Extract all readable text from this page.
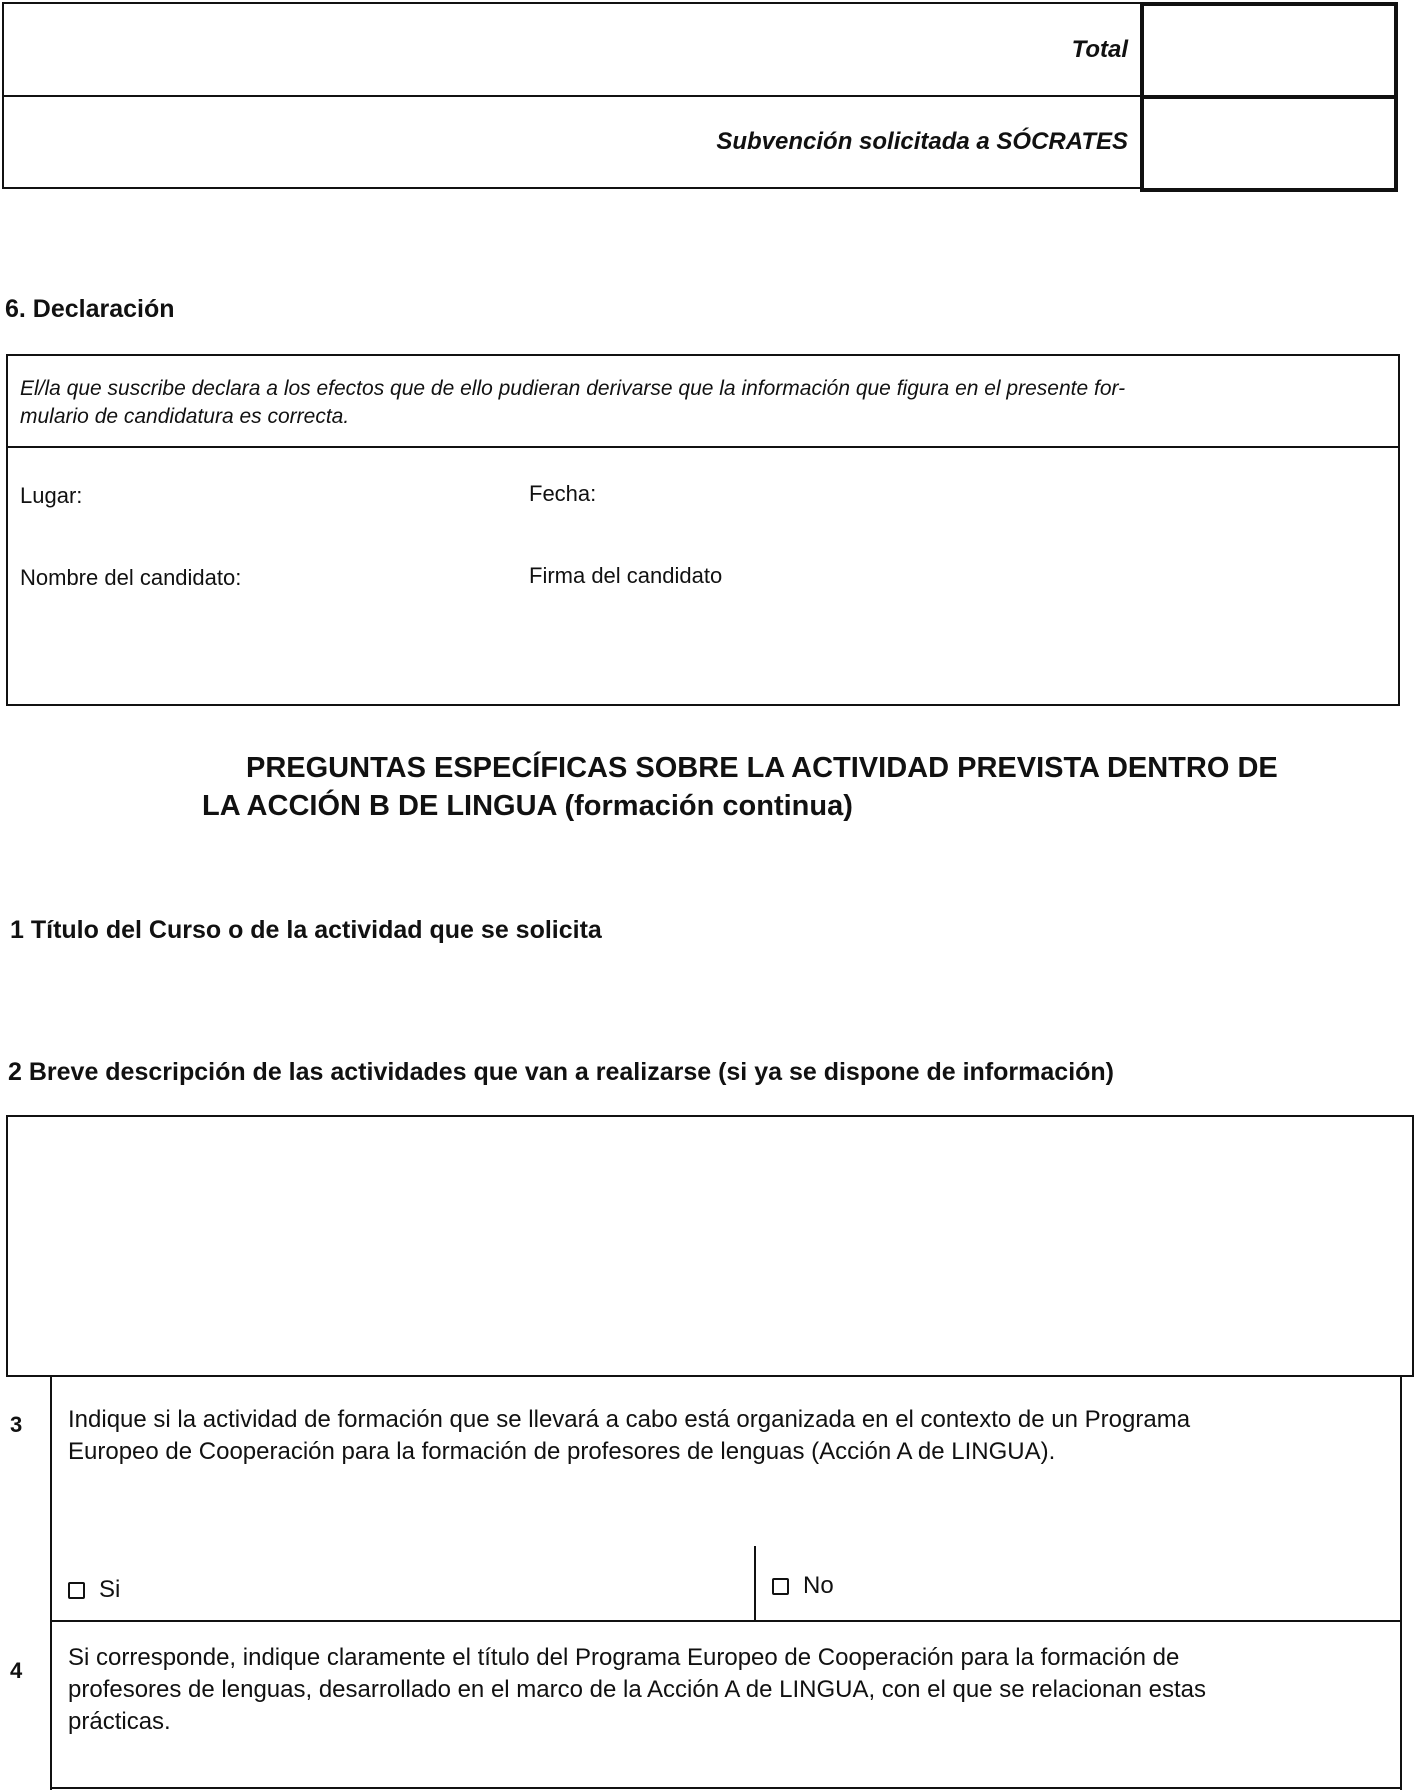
Total
Subvención solicitada a SÓCRATES
6. Declaración
El/la que suscribe declara a los efectos que de ello pudieran derivarse que la información que figura en el presente for-
mulario de candidatura es correcta.
Lugar:	Fecha:
Nombre del candidato:	Firma del candidato
PREGUNTAS ESPECÍFICAS SOBRE LA ACTIVIDAD PREVISTA DENTRO DE
LA ACCIÓN B DE LINGUA (formación continua)
1 Título del Curso o de la actividad que se solicita
2 Breve descripción de las actividades que van a realizarse (si ya se dispone de información)
3 Indique si la actividad de formación que se llevará a cabo está organizada en el contexto de un Programa
Europeo de Cooperación para la formación de profesores de lenguas (Acción A de LINGUA).
Si	No
4 Si corresponde, indique claramente el título del Programa Europeo de Cooperación para la formación de
profesores de lenguas, desarrollado en el marco de la Acción A de LINGUA, con el que se relacionan estas
prácticas.
